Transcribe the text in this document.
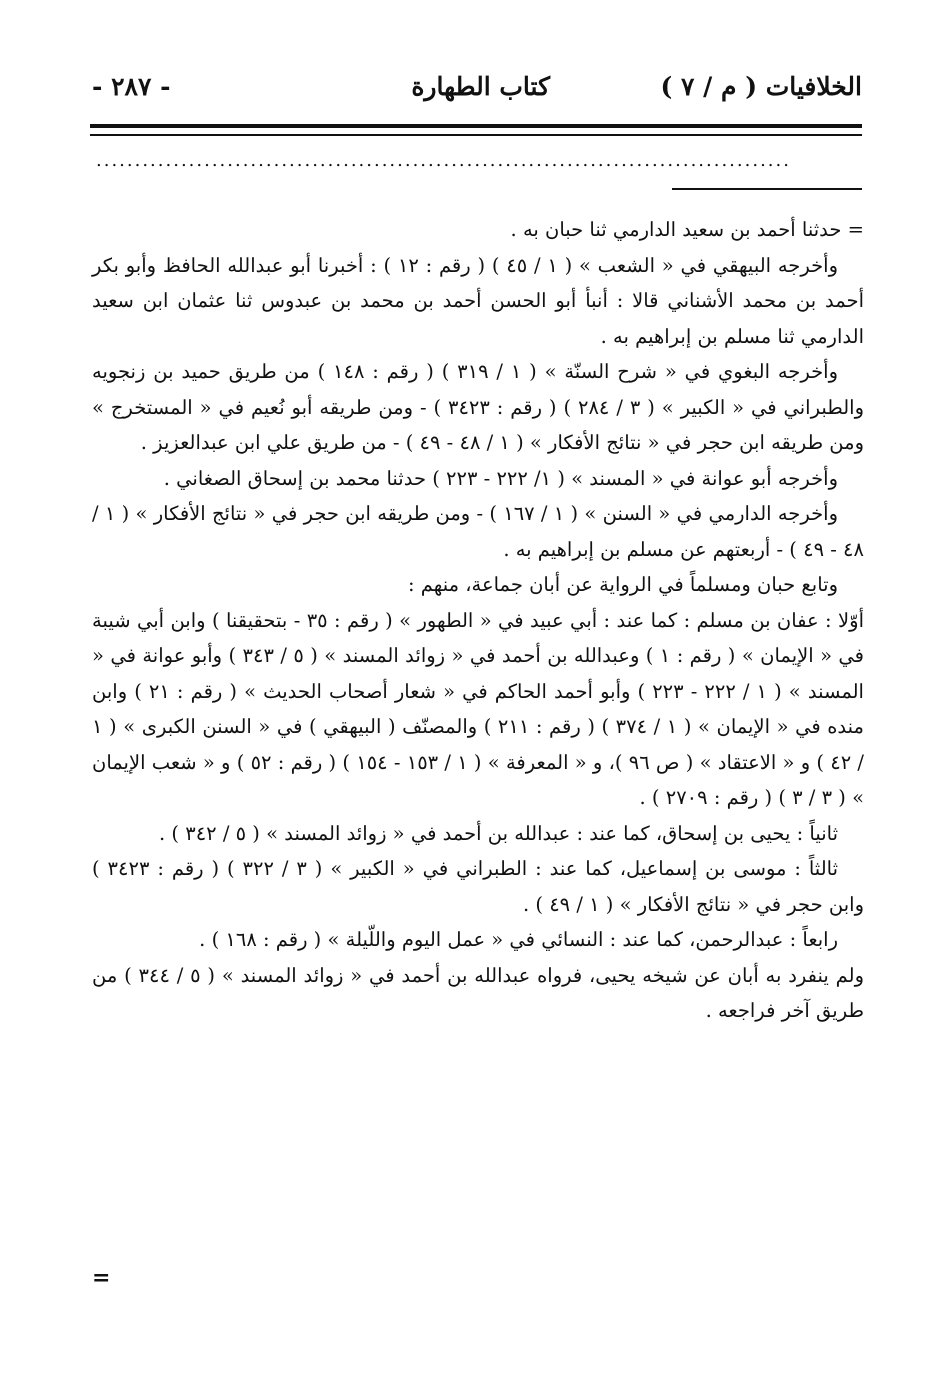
الخلافيات ( م / ٧ )
كتاب الطهارة
- ٢٨٧ -
..........................................................................................

= حدثنا أحمد بن سعيد الدارمي ثنا حبان به .

وأخرجه البيهقي في « الشعب » ( ١ / ٤٥ ) ( رقم : ١٢ ) : أخبرنا أبو عبدالله الحافظ وأبو بكر أحمد بن محمد الأشناني قالا : أنبأ أبو الحسن أحمد بن محمد بن عبدوس ثنا عثمان ابن سعيد الدارمي ثنا مسلم بن إبراهيم به .

وأخرجه البغوي في « شرح السنّة » ( ١ / ٣١٩ ) ( رقم : ١٤٨ ) من طريق حميد بن زنجويه والطبراني في « الكبير » ( ٣ / ٢٨٤ ) ( رقم : ٣٤٢٣ ) - ومن طريقه أبو نُعيم في « المستخرج » ومن طريقه ابن حجر في « نتائج الأفكار » ( ١ / ٤٨ - ٤٩ ) - من طريق علي ابن عبدالعزيز .

وأخرجه أبو عوانة في « المسند » ( ١/ ٢٢٢ - ٢٢٣ ) حدثنا محمد بن إسحاق الصغاني .

وأخرجه الدارمي في « السنن » ( ١ / ١٦٧ ) - ومن طريقه ابن حجر في « نتائج الأفكار » ( ١ / ٤٨ - ٤٩ ) - أربعتهم عن مسلم بن إبراهيم به .

وتابع حبان ومسلماً في الرواية عن أبان جماعة، منهم :

أوّلا : عفان بن مسلم : كما عند : أبي عبيد في « الطهور » ( رقم : ٣٥ - بتحقيقنا ) وابن أبي شيبة في « الإيمان » ( رقم : ١ ) وعبدالله بن أحمد في « زوائد المسند » ( ٥ / ٣٤٣ ) وأبو عوانة في « المسند » ( ١ / ٢٢٢ - ٢٢٣ ) وأبو أحمد الحاكم في « شعار أصحاب الحديث » ( رقم : ٢١ ) وابن منده في « الإيمان » ( ١ / ٣٧٤ ) ( رقم : ٢١١ ) والمصنّف ( البيهقي ) في « السنن الكبرى » ( ١ / ٤٢ ) و « الاعتقاد » ( ص ٩٦ )، و « المعرفة » ( ١ / ١٥٣ - ١٥٤ ) ( رقم : ٥٢ ) و « شعب الإيمان » ( ٣ / ٣ ) ( رقم : ٢٧٠٩ ) .

ثانياً : يحيى بن إسحاق، كما عند : عبدالله بن أحمد في « زوائد المسند » ( ٥ / ٣٤٢ ) .

ثالثاً : موسى بن إسماعيل، كما عند : الطبراني في « الكبير » ( ٣ / ٣٢٢ ) ( رقم : ٣٤٢٣ ) وابن حجر في « نتائج الأفكار » ( ١ / ٤٩ ) .

رابعاً : عبدالرحمن، كما عند : النسائي في « عمل اليوم واللّيلة » ( رقم : ١٦٨ ) .

ولم ينفرد به أبان عن شيخه يحيى، فرواه عبدالله بن أحمد في « زوائد المسند » ( ٥ / ٣٤٤ ) من طريق آخر فراجعه .

=
